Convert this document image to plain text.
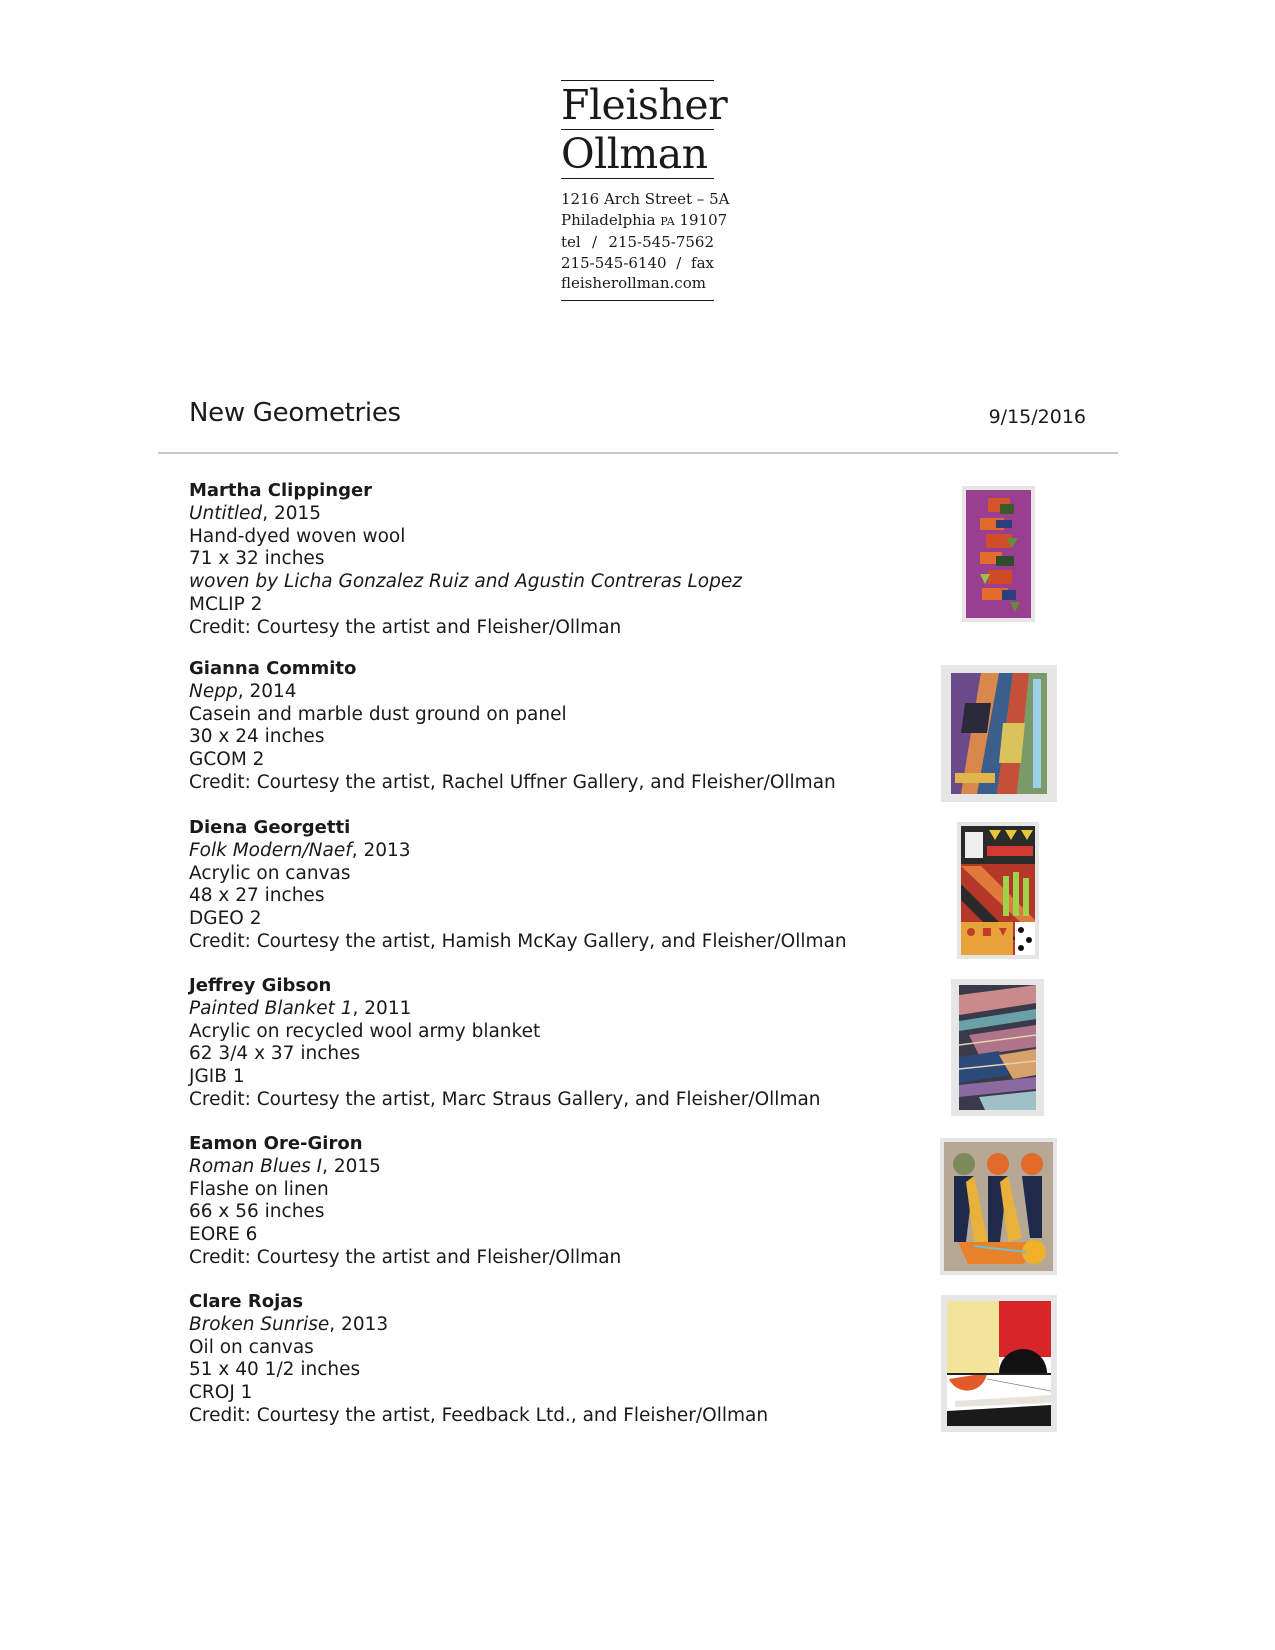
Fleisher
Ollman
1216 Arch Street – 5A
Philadelphia PA 19107
tel / 215-545-7562
215-545-6140 / fax
fleisherollman.com
New Geometries	9/15/2016
Martha Clippinger
Untitled, 2015
Hand-dyed woven wool
71 x 32 inches
woven by Licha Gonzalez Ruiz and Agustin Contreras Lopez
MCLIP 2
Credit: Courtesy the artist and Fleisher/Ollman
Gianna Commito
Nepp, 2014
Casein and marble dust ground on panel
30 x 24 inches
GCOM 2
Credit: Courtesy the artist, Rachel Uffner Gallery, and Fleisher/Ollman
Diena Georgetti
Folk Modern/Naef, 2013
Acrylic on canvas
48 x 27 inches
DGEO 2
Credit: Courtesy the artist, Hamish McKay Gallery, and Fleisher/Ollman
Jeffrey Gibson
Painted Blanket 1, 2011
Acrylic on recycled wool army blanket
62 3/4 x 37 inches
JGIB 1
Credit: Courtesy the artist, Marc Straus Gallery, and Fleisher/Ollman
Eamon Ore-Giron
Roman Blues I, 2015
Flashe on linen
66 x 56 inches
EORE 6
Credit: Courtesy the artist and Fleisher/Ollman
Clare Rojas
Broken Sunrise, 2013
Oil on canvas
51 x 40 1/2 inches
CROJ 1
Credit: Courtesy the artist, Feedback Ltd., and Fleisher/Ollman
